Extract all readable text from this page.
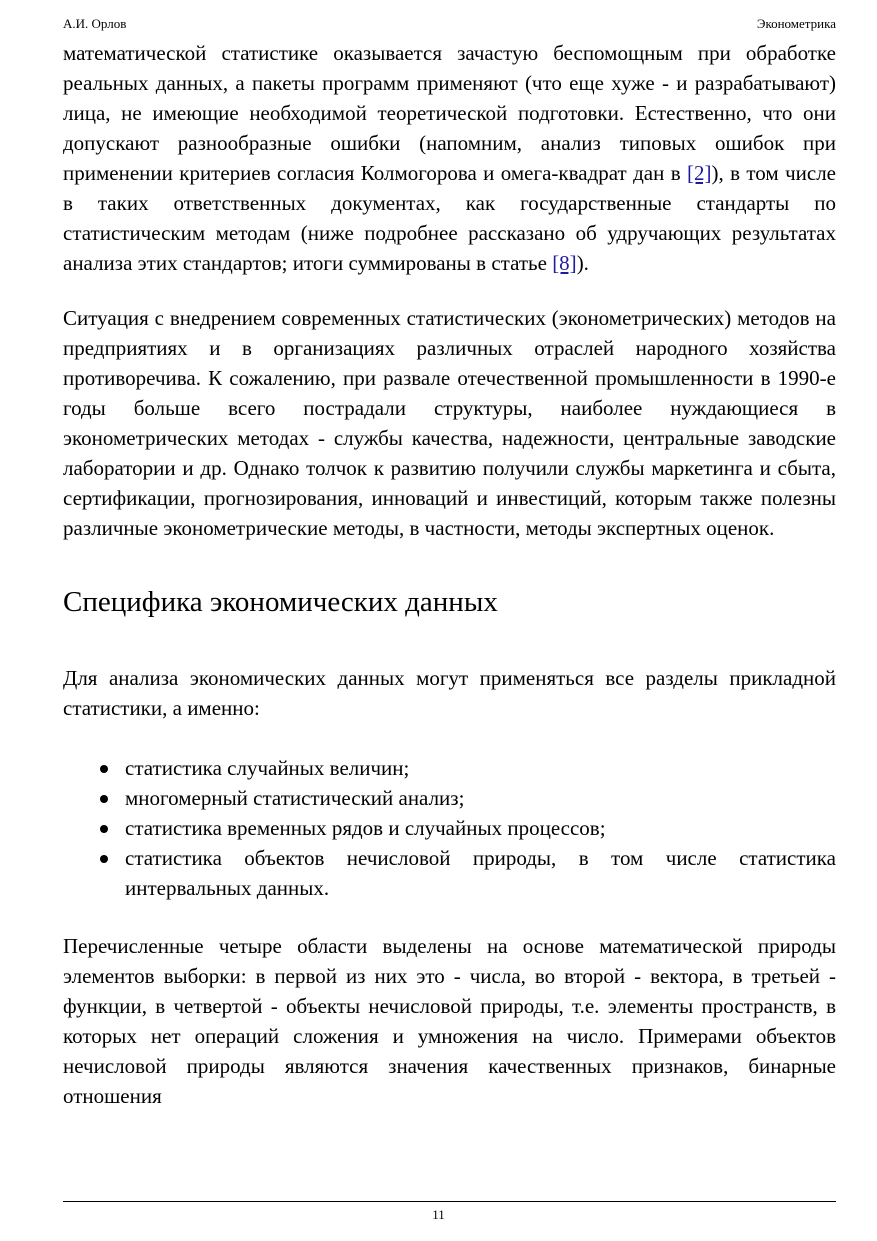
А.И. Орлов	Эконометрика

математической статистике оказывается зачастую беспомощным при обработке реальных данных, а пакеты программ применяют (что еще хуже - и разрабатывают) лица, не имеющие необходимой теоретической подготовки. Естественно, что они допускают разнообразные ошибки (напомним, анализ типовых ошибок при применении критериев согласия Колмогорова и омега-квадрат дан в [2]), в том числе в таких ответственных документах, как государственные стандарты по статистическим методам (ниже подробнее рассказано об удручающих результатах анализа этих стандартов; итоги суммированы в статье [8]).

Ситуация с внедрением современных статистических (эконометрических) методов на предприятиях и в организациях различных отраслей народного хозяйства противоречива. К сожалению, при развале отечественной промышленности в 1990-е годы больше всего пострадали структуры, наиболее нуждающиеся в эконометрических методах - службы качества, надежности, центральные заводские лаборатории и др. Однако толчок к развитию получили службы маркетинга и сбыта, сертификации, прогнозирования, инноваций и инвестиций, которым также полезны различные эконометрические методы, в частности, методы экспертных оценок.

Специфика экономических данных

Для анализа экономических данных могут применяться все разделы прикладной статистики, а именно:

статистика случайных величин;
многомерный статистический анализ;
статистика временных рядов и случайных процессов;
статистика объектов нечисловой природы, в том числе статистика интервальных данных.

Перечисленные четыре области выделены на основе математической природы элементов выборки: в первой из них это - числа, во второй - вектора, в третьей - функции, в четвертой - объекты нечисловой природы, т.е. элементы пространств, в которых нет операций сложения и умножения на число. Примерами объектов нечисловой природы являются значения качественных признаков, бинарные отношения

11
